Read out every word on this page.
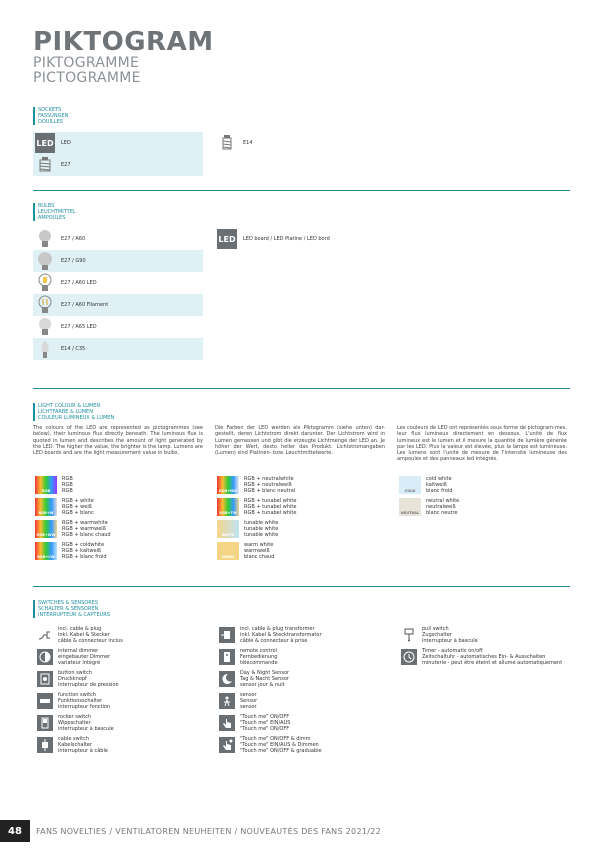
PIKTOGRAM
PIKTOGRAMME
PICTOGRAMME
SOCKETS
FASSUNGEN
DOUILLES
LED LED	E14
E27
BULBS
LEUCHTMITTEL
AMPOULES
E27 / A60	LED LED board / LED Platine / LED bord
E27 / G90
E27 / A60 LED
E27 / A60 Filament
E27 / A65 LED
E14 / C35
LIGHT COLOUR & LUMEN
LICHTFARBE & LUMEN
COULEUR LUMINEUX & LUMEN
The colours of the LED are represented as pictogrammes (see below), their luminous flux directly beneath. The luminous flux is quoted in lumen and describes the amount of light generated by the LED. The higher the value, the brighter is the lamp. Lumens are LED boards and are the light measurement value in bulbs.
Die Farben der LED werden als Piktogramm (siehe unten) dar-gestellt, deren Lichtstrom direkt darunter. Der Lichtstrom wird in Lumen gemessen und gibt die erzeugte Lichtmenge der LED an. Je höher der Wert, desto heller das Produkt. Lichtstromangaben (Lumen) sind Platinen- bzw. Leuchtmittelwerte.
Les couleurs de LED ont représentés sous forme de pictogram-mes, leur flux lumineux directement en dessous. L'unité de flux lumineux est le lumen et il mesure la quantité de lumière générée par les LED. Plus la valeur est élevée, plus la lampe est lumineuse. Les lumens sont l'unité de mesure de l'intensité lumineuse des ampoules et des panneaux led intégrés.
RGB
RGB
RGB
RGB
RGB+W
RGB + white
RGB + weiß
RGB + blanc
RGB+WW
RGB + warmwhite
RGB + warmweiß
RGB + blanc chaud
RGB+CW
RGB + coldwhite
RGB + kaltweiß
RGB + blanc froid
RGB+NW
RGB + neutralwhite
RGB + neutralweiß
RGB + blanc neutral
RGB+TW
RGB + tunabel white
RGB + tunabel white
RGB + tunabel white
WHITE
tunable white
tunable white
tunable white
WARM
warm white
warmweiß
blanc chaud
COLD
cold white
kaltweiß
blanc froid
NEUTRAL
neutral white
neutralweiß
blanc neutre
SWITCHES & SENSORES
SCHALTER & SENSOREN
INTERRUPTEUR & CAPTEURS
incl. cable & plug
inkl. Kabel & Stecker
câble & connecteur inclus
internal dimmer
eingebauter Dimmer
variateur intégré
button switch
Druckknopf
interrupteur de pression
function switch
Funktionsschalter
interrupteur fonction
rocker switch
Wippschalter
interrupteur à bascule
cable switch
Kabelschalter
interrupteur à câble
incl. cable & plug transformer
inkl. Kabel & Stecktransformator
câble & connecteur à prise
remote control
Fernbedienung
télécommande
Day & Night Sensor
Tag & Nacht Sensor
sensor jour & nuit
sensor
Sensor
sensor
"Touch me" ON/OFF
"Touch me" EIN/AUS
"Touch me" ON/OFF
"Touch me" ON/OFF & dimm
"Touch me" EIN/AUS & Dimmen
"Touch me" ON/OFF & graduable
pull switch
Zugschalter
interrupteur à bascule
Timer - automatic on/off
Zeitschaltuhr - automatisches Ein- & Ausschalten
minuterie - peut être éteint et allumé automatiquement
48	FANS NOVELTIES / VENTILATOREN NEUHEITEN / NOUVEAUTÉS DES FANS 2021/22
